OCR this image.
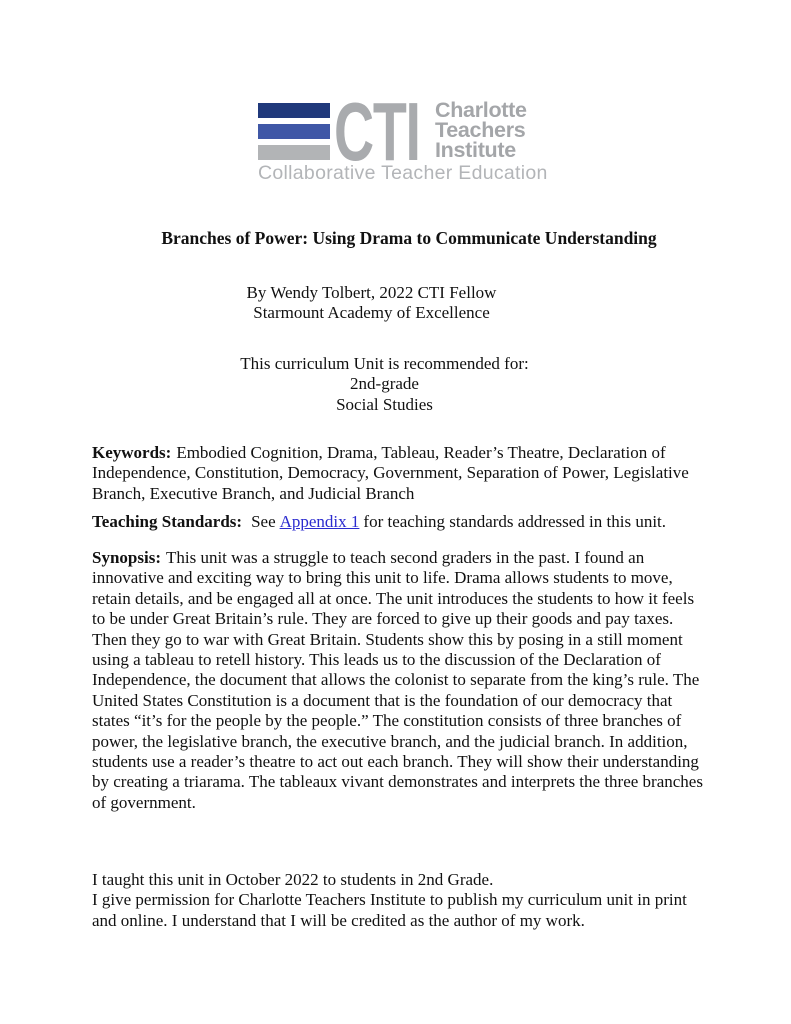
CTI Charlotte
Teachers
Institute
Collaborative Teacher Education
Branches of Power: Using Drama to Communicate Understanding
By Wendy Tolbert, 2022 CTI Fellow
Starmount Academy of Excellence
This curriculum Unit is recommended for:
2nd-grade
Social Studies
Keywords: Embodied Cognition, Drama, Tableau, Reader’s Theatre, Declaration of Independence, Constitution, Democracy, Government, Separation of Power, Legislative Branch, Executive Branch, and Judicial Branch
Teaching Standards: See Appendix 1 for teaching standards addressed in this unit.
Synopsis: This unit was a struggle to teach second graders in the past. I found an innovative and exciting way to bring this unit to life. Drama allows students to move, retain details, and be engaged all at once. The unit introduces the students to how it feels to be under Great Britain’s rule. They are forced to give up their goods and pay taxes. Then they go to war with Great Britain. Students show this by posing in a still moment using a tableau to retell history. This leads us to the discussion of the Declaration of Independence, the document that allows the colonist to separate from the king’s rule. The United States Constitution is a document that is the foundation of our democracy that states “it’s for the people by the people.” The constitution consists of three branches of power, the legislative branch, the executive branch, and the judicial branch. In addition, students use a reader’s theatre to act out each branch. They will show their understanding by creating a triarama. The tableaux vivant demonstrates and interprets the three branches of government.
I taught this unit in October 2022 to students in 2nd Grade.
I give permission for Charlotte Teachers Institute to publish my curriculum unit in print and online. I understand that I will be credited as the author of my work.
